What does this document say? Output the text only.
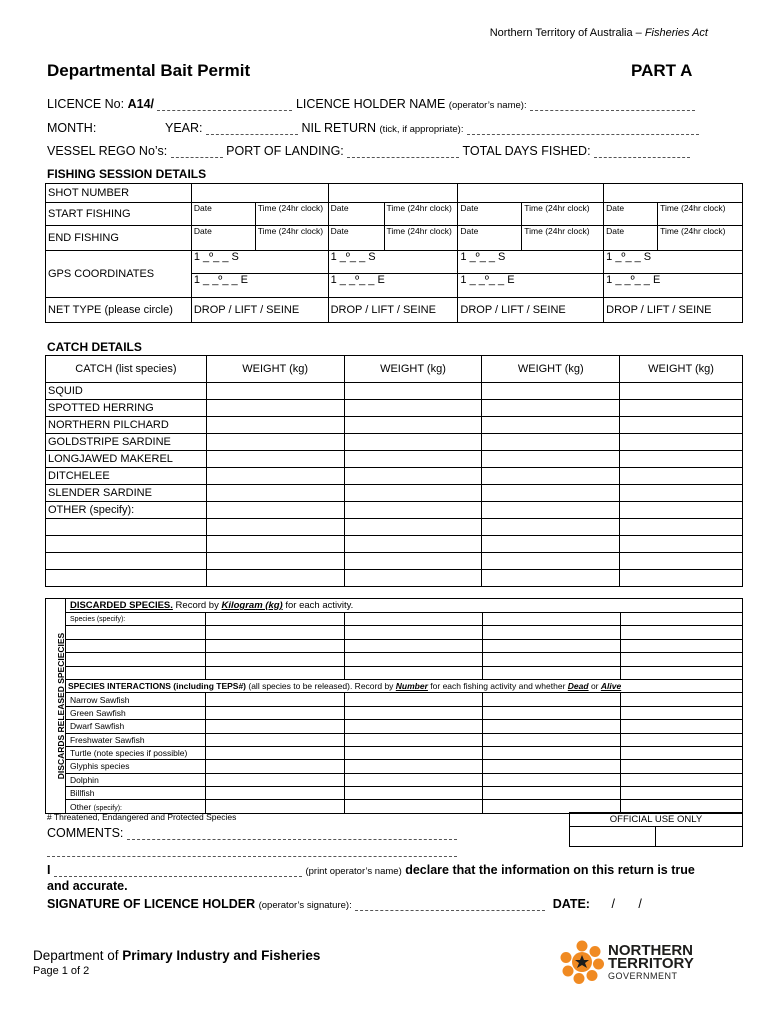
Northern Territory of Australia – Fisheries Act
Departmental Bait Permit	PART A
LICENCE No: A14/	LICENCE HOLDER NAME (operator’s name):
MONTH:	YEAR:	NIL RETURN (tick, if appropriate):
VESSEL REGO No’s:	PORT OF LANDING:	TOTAL DAYS FISHED:
FISHING SESSION DETAILS
SHOT NUMBER								
START FISHING	Date	Time (24hr clock)	Date	Time (24hr clock)	Date	Time (24hr clock)	Date	Time (24hr clock)
END FISHING	Date	Time (24hr clock)	Date	Time (24hr clock)	Date	Time (24hr clock)	Date	Time (24hr clock)
GPS COORDINATES	1 _º_ _ S		1 _º_ _ S		1 _º_ _ S		1 _º_ _ S	
	1 _ _º_ _ E		1 _ _º_ _ E		1 _ _º_ _ E		1 _ _º_ _ E	
NET TYPE (please circle)	DROP / LIFT / SEINE		DROP / LIFT / SEINE		DROP / LIFT / SEINE		DROP / LIFT / SEINE	
CATCH DETAILS
CATCH (list species)	WEIGHT (kg)	WEIGHT (kg)	WEIGHT (kg)	WEIGHT (kg)
SQUID				
SPOTTED HERRING				
NORTHERN PILCHARD				
GOLDSTRIPE SARDINE				
LONGJAWED MAKEREL				
DITCHELEE				
SLENDER SARDINE				
OTHER (specify):				

DISCARDS RELEASED SPECIECIES
	DISCARDED SPECIES. Record by Kilogram (kg) for each activity.				
	Species (specify):				

	SPECIES INTERACTIONS (including TEPS#) (all species to be released). Record by Number for each fishing activity and whether Dead or Alive				
	Narrow Sawfish				
	Green Sawfish				
	Dwarf Sawfish				
	Freshwater Sawfish				
	Turtle (note species if possible)				
	Glyphis species				
	Dolphin				
	Billfish				
	Other (specify):				
# Threatened, Endangered and Protected Species	OFFICIAL USE ONLY

COMMENTS:
I	(print operator’s name) declare that the information on this return is true
and accurate.
SIGNATURE OF LICENCE HOLDER (operator’s signature):	DATE: / /
Department of Primary Industry and Fisheries
Page 1 of 2
NORTHERN
TERRITORY
GOVERNMENT
